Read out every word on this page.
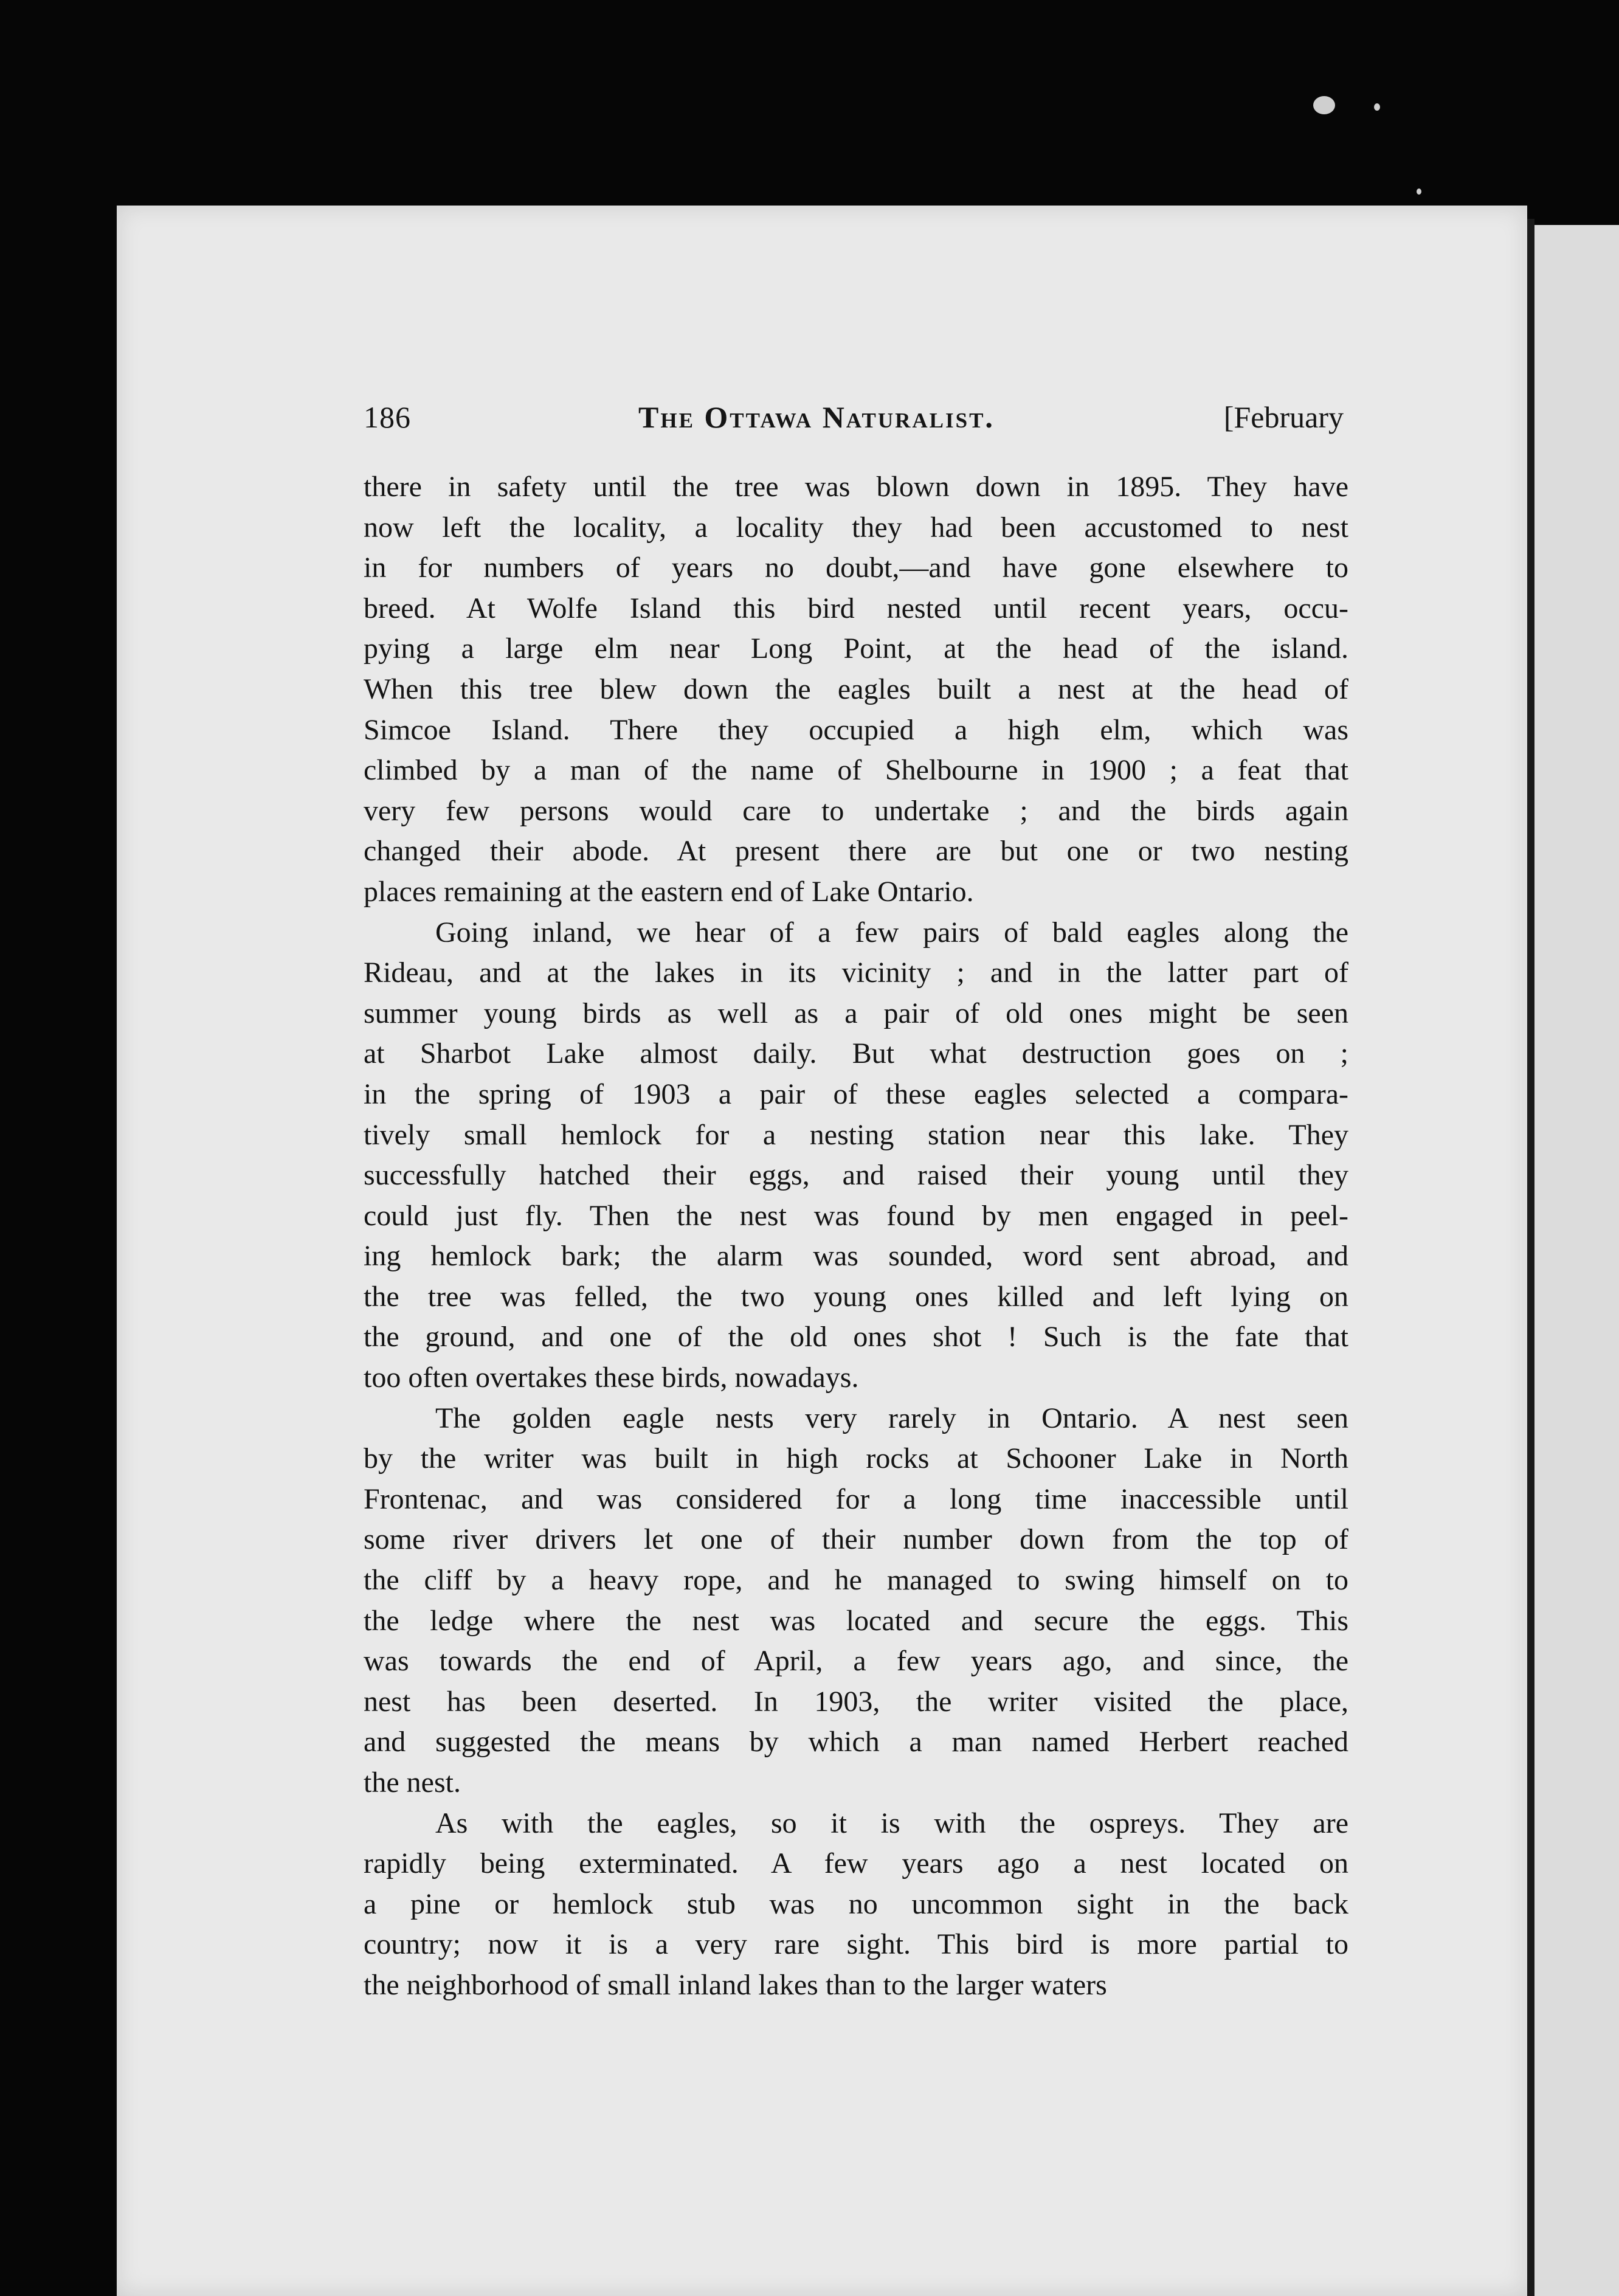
186	The Ottawa Naturalist.	[February
there in safety until the tree was blown down in 1895. They have
now left the locality, a locality they had been accustomed to nest
in for numbers of years no doubt,—and have gone elsewhere to
breed. At Wolfe Island this bird nested until recent years, occu-
pying a large elm near Long Point, at the head of the island.
When this tree blew down the eagles built a nest at the head of
Simcoe Island. There they occupied a high elm, which was
climbed by a man of the name of Shelbourne in 1900 ; a feat that
very few persons would care to undertake ; and the birds again
changed their abode. At present there are but one or two nesting
places remaining at the eastern end of Lake Ontario.
Going inland, we hear of a few pairs of bald eagles along the
Rideau, and at the lakes in its vicinity ; and in the latter part of
summer young birds as well as a pair of old ones might be seen
at Sharbot Lake almost daily. But what destruction goes on ;
in the spring of 1903 a pair of these eagles selected a compara-
tively small hemlock for a nesting station near this lake. They
successfully hatched their eggs, and raised their young until they
could just fly. Then the nest was found by men engaged in peel-
ing hemlock bark; the alarm was sounded, word sent abroad, and
the tree was felled, the two young ones killed and left lying on
the ground, and one of the old ones shot ! Such is the fate that
too often overtakes these birds, nowadays.
The golden eagle nests very rarely in Ontario. A nest seen
by the writer was built in high rocks at Schooner Lake in North
Frontenac, and was considered for a long time inaccessible until
some river drivers let one of their number down from the top of
the cliff by a heavy rope, and he managed to swing himself on to
the ledge where the nest was located and secure the eggs. This
was towards the end of April, a few years ago, and since, the
nest has been deserted. In 1903, the writer visited the place,
and suggested the means by which a man named Herbert reached
the nest.
As with the eagles, so it is with the ospreys. They are
rapidly being exterminated. A few years ago a nest located on
a pine or hemlock stub was no uncommon sight in the back
country; now it is a very rare sight. This bird is more partial to
the neighborhood of small inland lakes than to the larger waters
